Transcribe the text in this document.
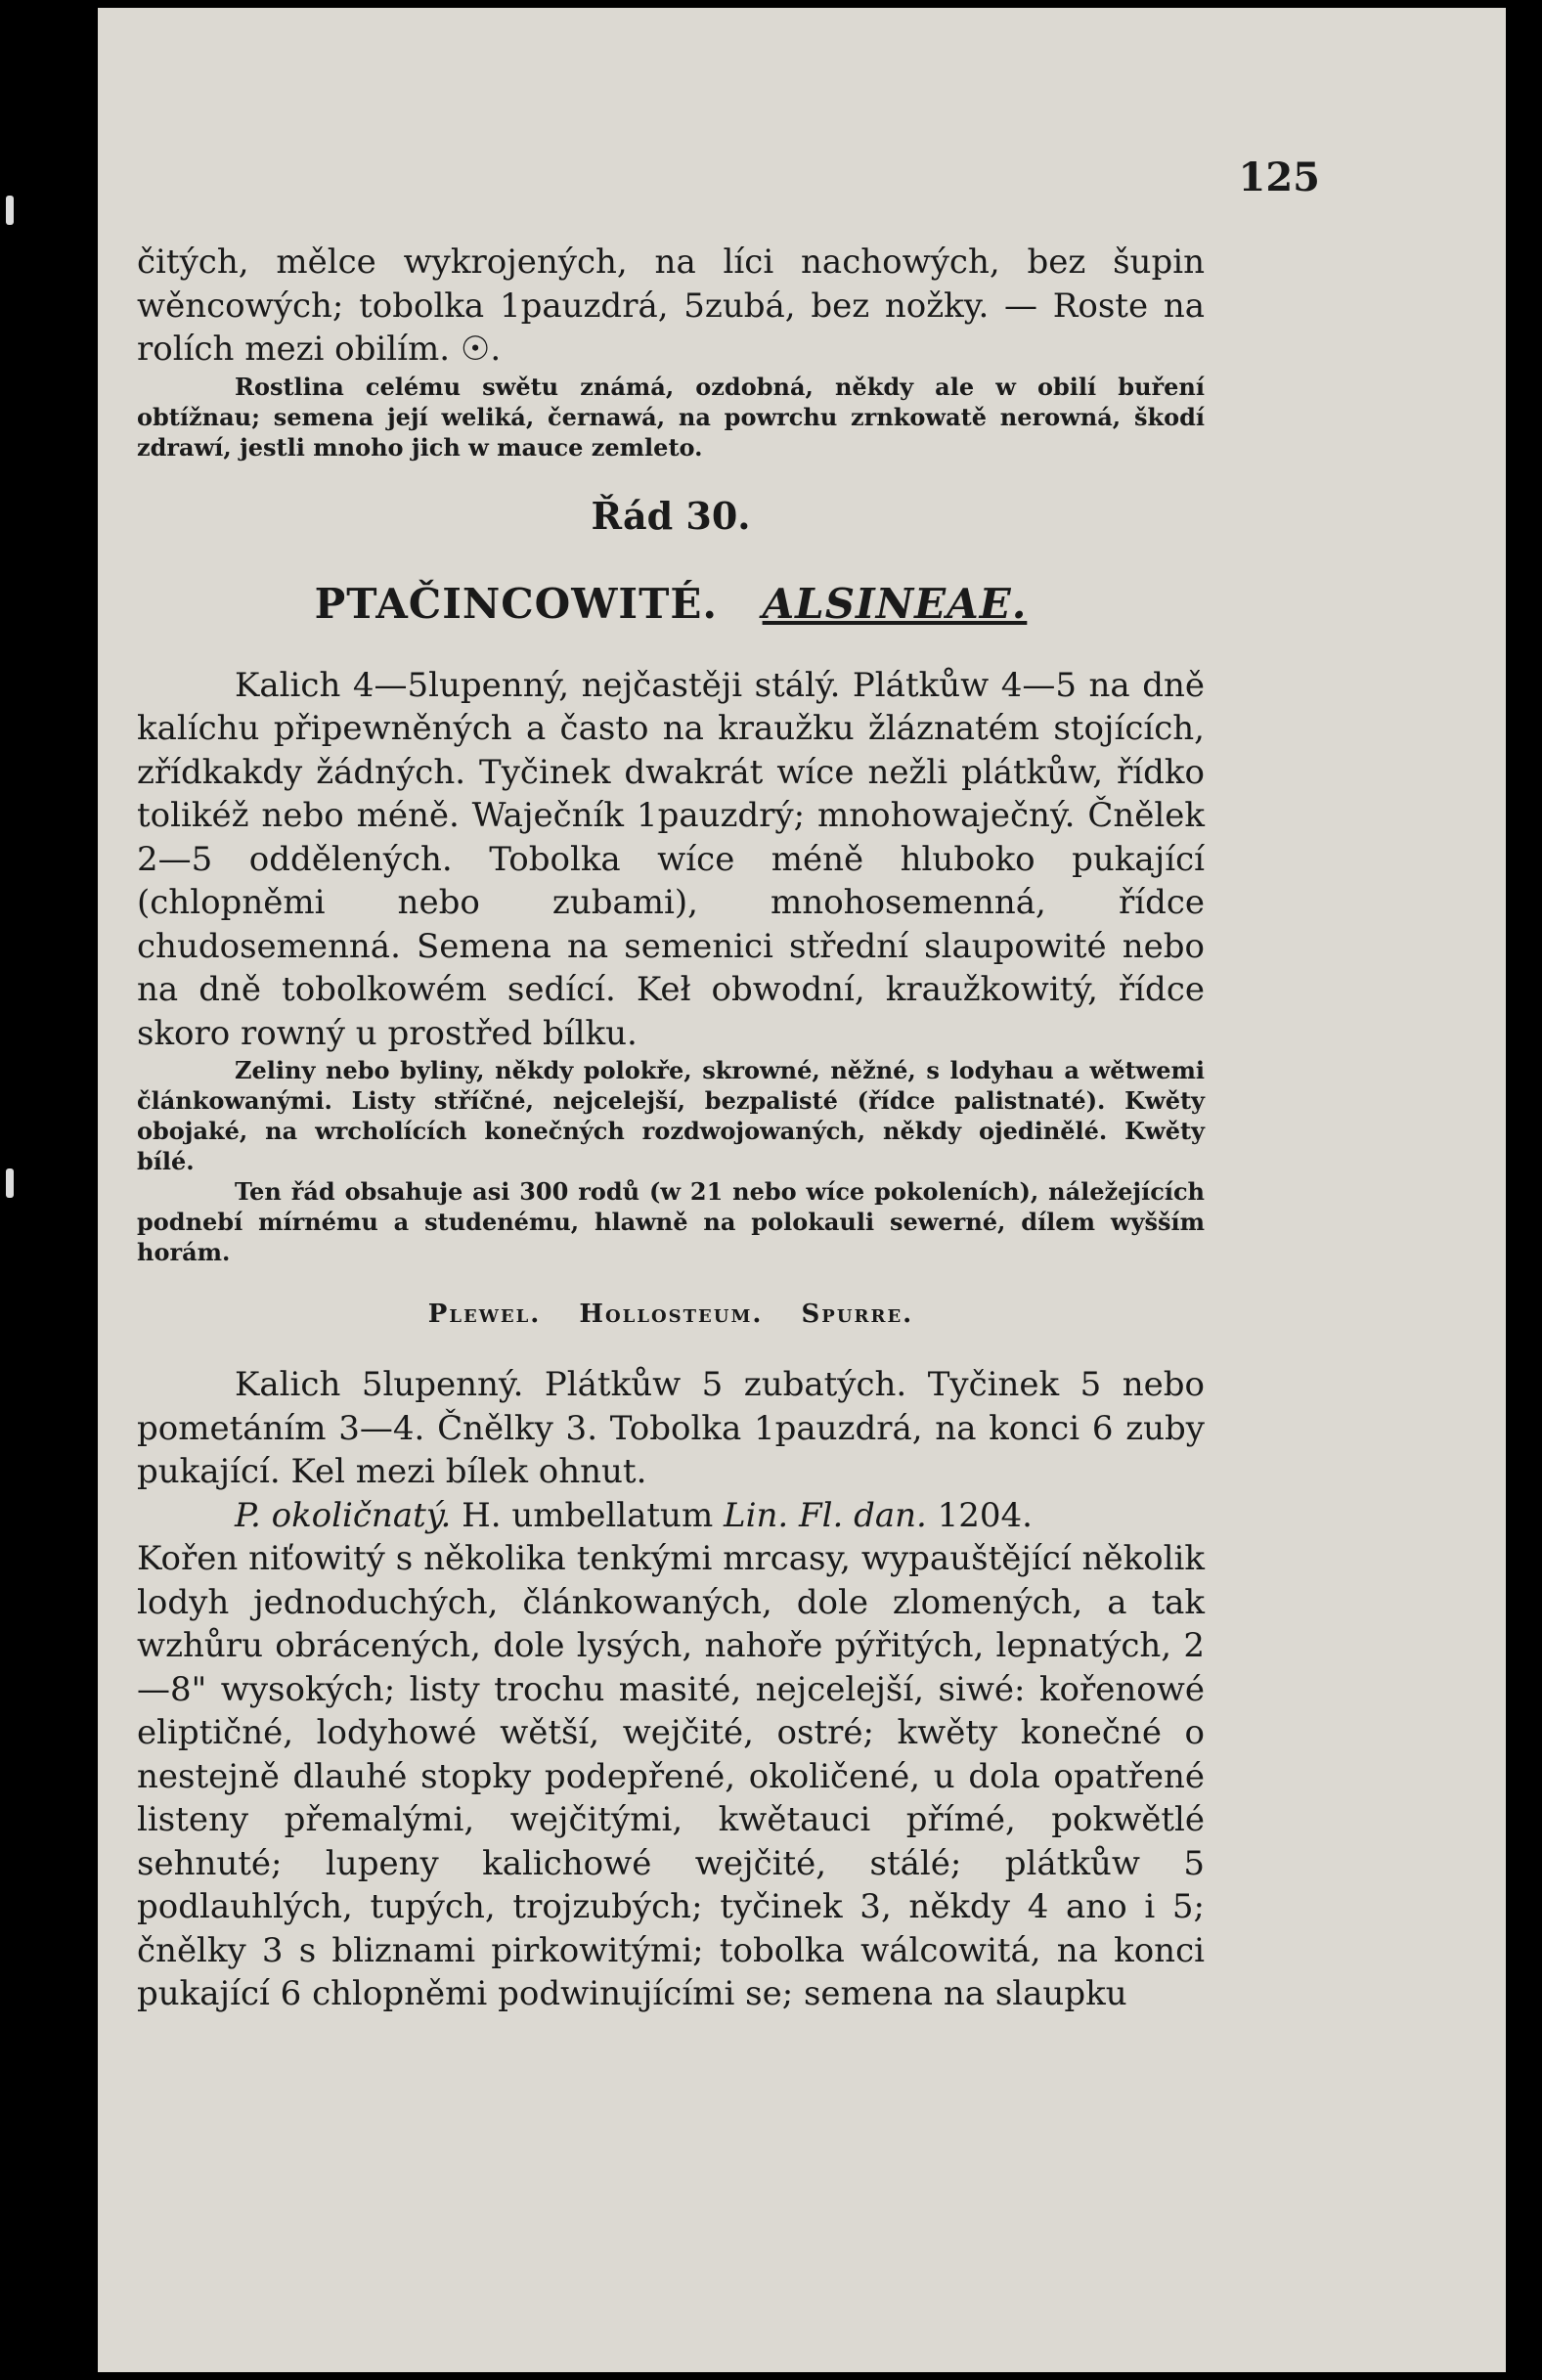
125

čitých, mělce wykrojených, na líci nachowých, bez šupin wěncowých; tobolka 1pauzdrá, 5zubá, bez nožky. — Roste na rolích mezi obilím. ☉.

Rostlina celému swětu známá, ozdobná, někdy ale w obilí buření obtížnau; semena její weliká, černawá, na powrchu zrnkowatě nerowná, škodí zdrawí, jestli mnoho jich w mauce zemleto.

Řád 30.
PTAČINCOWITÉ. ALSINEAE.

Kalich 4—5lupenný, nejčastěji stálý. Plátkůw 4—5 na dně kalíchu připewněných a často na kraužku žláznatém stojících, zřídkakdy žádných. Tyčinek dwakrát wíce nežli plátkůw, řídko tolikéž nebo méně. Waječník 1pauzdrý; mnohowaječný. Čnělek 2—5 oddělených. Tobolka wíce méně hluboko pukající (chlopněmi nebo zubami), mnohosemenná, řídce chudosemenná. Semena na semenici střední slaupowité nebo na dně tobolkowém sedící. Keł obwodní, kraužkowitý, řídce skoro rowný u prostřed bílku.

Zeliny nebo byliny, někdy polokře, skrowné, něžné, s lodyhau a wětwemi článkowanými. Listy stříčné, nejcelejší, bezpalisté (řídce palistnaté). Kwěty obojaké, na wrcholících konečných rozdwojowaných, někdy ojedinělé. Kwěty bílé.

Ten řád obsahuje asi 300 rodů (w 21 nebo wíce pokoleních), náležejících podnebí mírnému a studenému, hlawně na polokauli sewerné, dílem wyšším horám.

Plewel. Hollosteum. Spurre.

Kalich 5lupenný. Plátkůw 5 zubatých. Tyčinek 5 nebo pometáním 3—4. Čnělky 3. Tobolka 1pauzdrá, na konci 6 zuby pukající. Kel mezi bílek ohnut.

P. okoličnatý. H. umbellatum Lin. Fl. dan. 1204.

Kořen niťowitý s několika tenkými mrcasy, wypauštějící několik lodyh jednoduchých, článkowaných, dole zlomených, a tak wzhůru obrácených, dole lysých, nahoře pýřitých, lepnatých, 2—8" wysokých; listy trochu masité, nejcelejší, siwé: kořenowé eliptičné, lodyhowé wětší, wejčité, ostré; kwěty konečné o nestejně dlauhé stopky podepřené, okoličené, u dola opatřené listeny přemalými, wejčitými, kwětauci přímé, pokwětlé sehnuté; lupeny kalichowé wejčité, stálé; plátkůw 5 podlauhlých, tupých, trojzubých; tyčinek 3, někdy 4 ano i 5; čnělky 3 s bliznami pirkowitými; tobolka wálcowitá, na konci pukající 6 chlopněmi podwinujícími se; semena na slaupku
